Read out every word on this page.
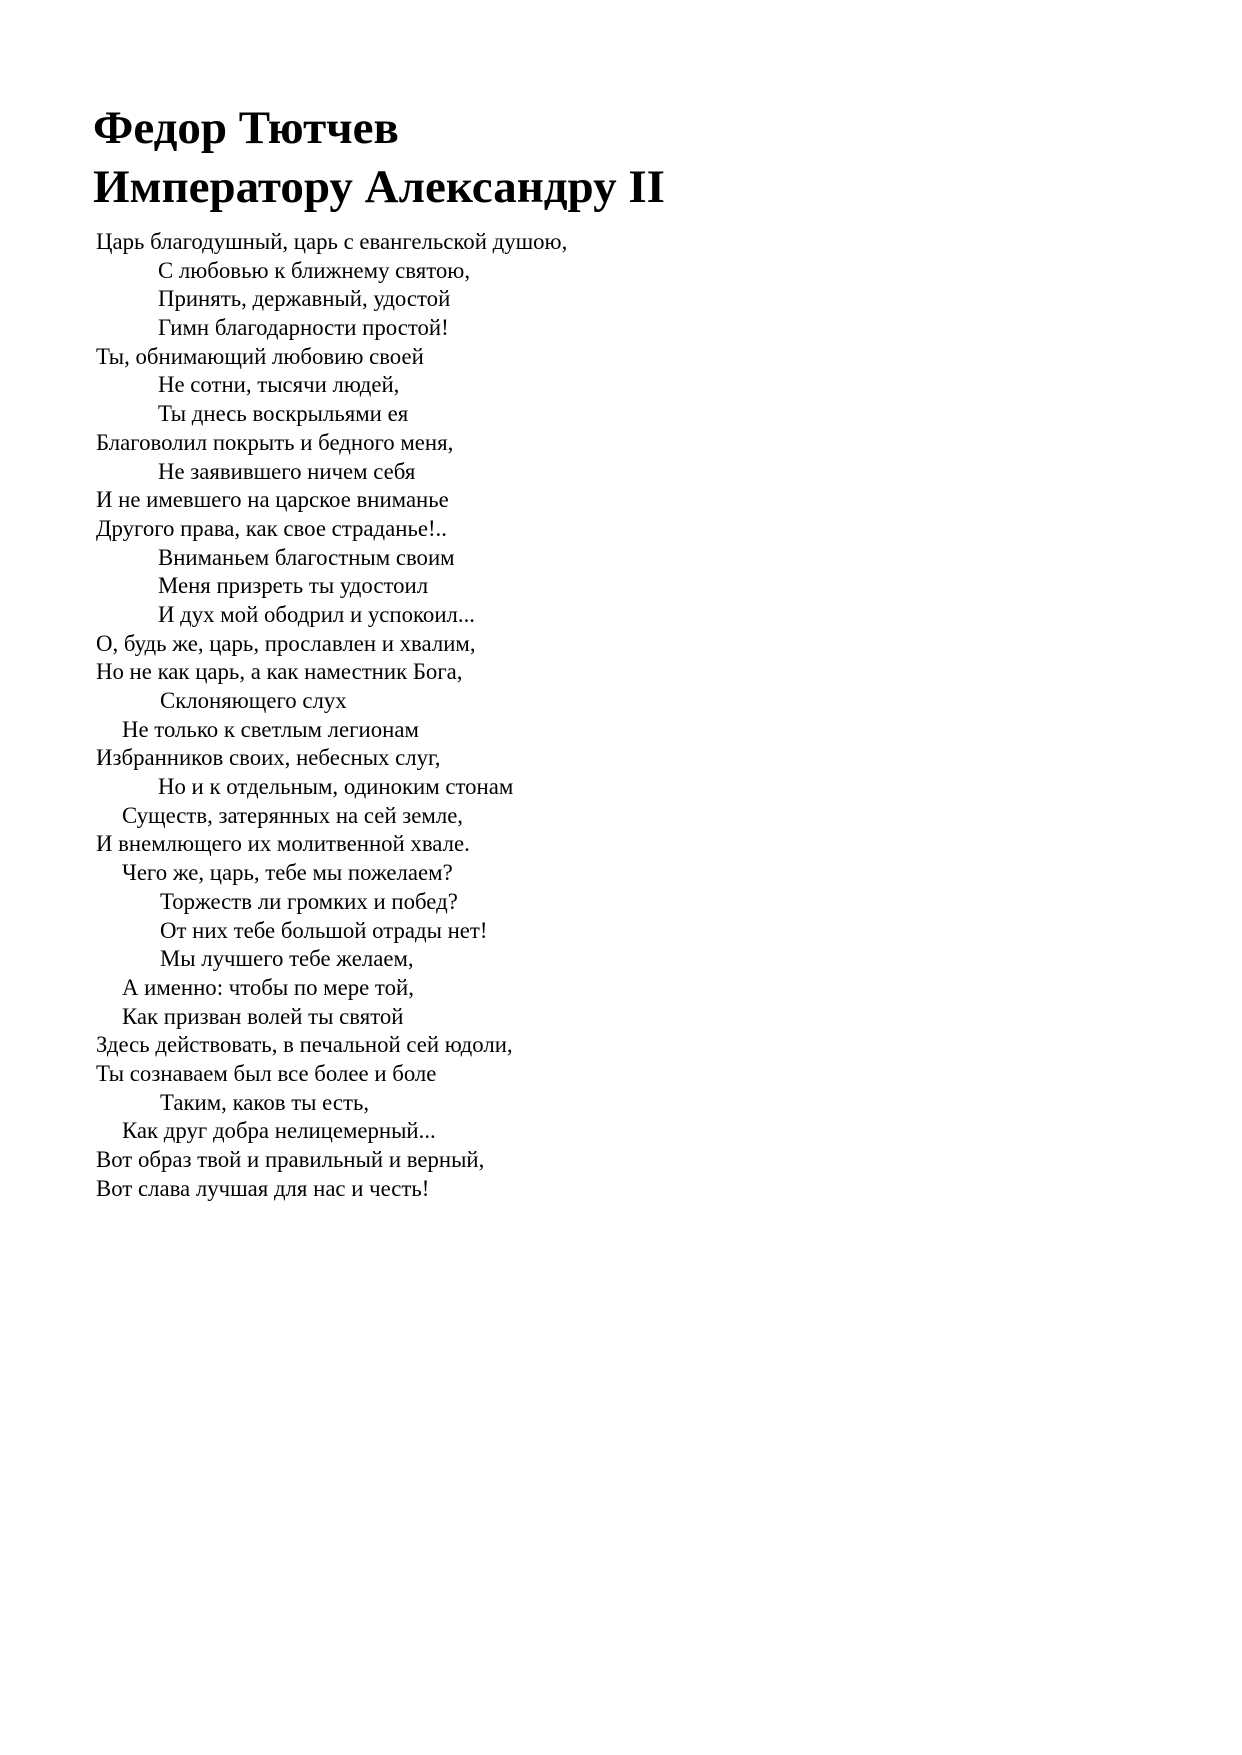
Федор Тютчев
Императору Александру II
Царь благодушный, царь с евангельской душою,
С любовью к ближнему святою,
Принять, державный, удостой
Гимн благодарности простой!
Ты, обнимающий любовию своей
Не сотни, тысячи людей,
Ты днесь воскрыльями ея
Благоволил покрыть и бедного меня,
Не заявившего ничем себя
И не имевшего на царское вниманье
Другого права, как свое страданье!..
Вниманьем благостным своим
Меня призреть ты удостоил
И дух мой ободрил и успокоил...
О, будь же, царь, прославлен и хвалим,
Но не как царь, а как наместник Бога,
Склоняющего слух
Не только к светлым легионам
Избранников своих, небесных слуг,
Но и к отдельным, одиноким стонам
Существ, затерянных на сей земле,
И внемлющего их молитвенной хвале.
Чего же, царь, тебе мы пожелаем?
Торжеств ли громких и побед?
От них тебе большой отрады нет!
Мы лучшего тебе желаем,
А именно: чтобы по мере той,
Как призван волей ты святой
Здесь действовать, в печальной сей юдоли,
Ты сознаваем был все более и боле
Таким, каков ты есть,
Как друг добра нелицемерный...
Вот образ твой и правильный и верный,
Вот слава лучшая для нас и честь!
